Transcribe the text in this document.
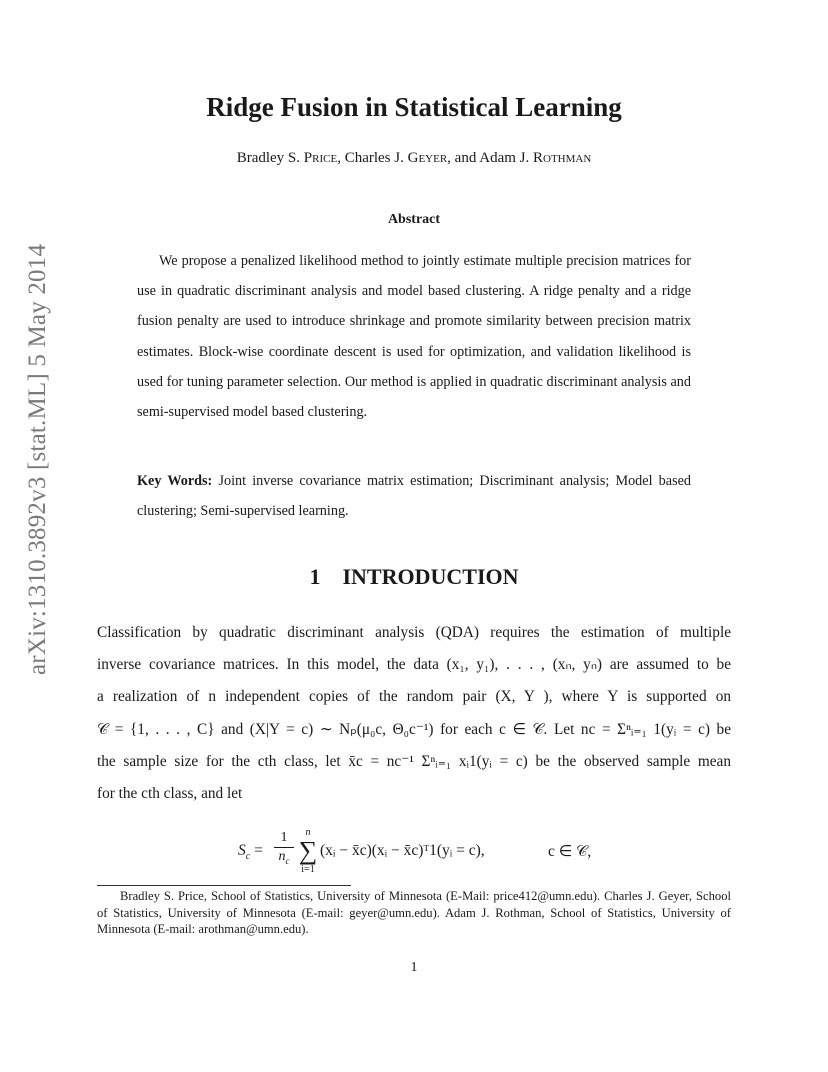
arXiv:1310.3892v3 [stat.ML] 5 May 2014
Ridge Fusion in Statistical Learning
Bradley S. Price, Charles J. Geyer, and Adam J. Rothman
Abstract
We propose a penalized likelihood method to jointly estimate multiple precision matrices for use in quadratic discriminant analysis and model based clustering. A ridge penalty and a ridge fusion penalty are used to introduce shrinkage and promote similarity between precision matrix estimates. Block-wise coordinate descent is used for optimization, and validation likelihood is used for tuning parameter selection. Our method is applied in quadratic discriminant analysis and semi-supervised model based clustering.
Key Words: Joint inverse covariance matrix estimation; Discriminant analysis; Model based clustering; Semi-supervised learning.
1 INTRODUCTION
Classification by quadratic discriminant analysis (QDA) requires the estimation of multiple
inverse covariance matrices. In this model, the data (x₁, y₁), . . . , (xₙ, yₙ) are assumed to be
a realization of n independent copies of the random pair (X, Y ), where Y is supported on
𝒞 = {1, . . . , C} and (X|Y = c) ∼ Nₚ(μ₀c, Θ₀c⁻¹) for each c ∈ 𝒞. Let nc = Σⁿᵢ₌₁ 1(yᵢ = c) be
the sample size for the cth class, let x̄c = nc⁻¹ Σⁿᵢ₌₁ xᵢ1(yᵢ = c) be the observed sample mean
for the cth class, and let
$S_c$ =
1
$n_c$
n
∑
i=1
(xᵢ − x̄c)(xᵢ − x̄c)ᵀ1(yᵢ = c),	c ∈ 𝒞,
Bradley S. Price, School of Statistics, University of Minnesota (E-Mail: price412@umn.edu). Charles J. Geyer, School of Statistics, University of Minnesota (E-mail: geyer@umn.edu). Adam J. Rothman, School of Statistics, University of Minnesota (E-mail: arothman@umn.edu).
1
